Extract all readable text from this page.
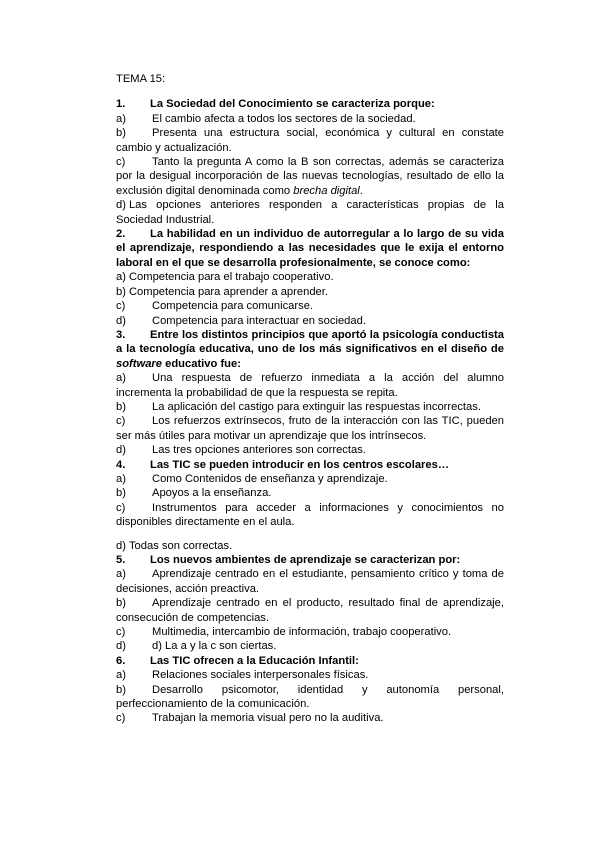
TEMA 15:
1. La Sociedad del Conocimiento se caracteriza porque:
a) El cambio afecta a todos los sectores de la sociedad.
b) Presenta una estructura social, económica y cultural en constate cambio y actualización.
c) Tanto la pregunta A como la B son correctas, además se caracteriza por la desigual incorporación de las nuevas tecnologías, resultado de ello la exclusión digital denominada como brecha digital.
d) Las opciones anteriores responden a características propias de la Sociedad Industrial.
2. La habilidad en un individuo de autorregular a lo largo de su vida el aprendizaje, respondiendo a las necesidades que le exija el entorno laboral en el que se desarrolla profesionalmente, se conoce como:
a) Competencia para el trabajo cooperativo.
b) Competencia para aprender a aprender.
c) Competencia para comunicarse.
d) Competencia para interactuar en sociedad.
3. Entre los distintos principios que aportó la psicología conductista a la tecnología educativa, uno de los más significativos en el diseño de software educativo fue:
a) Una respuesta de refuerzo inmediata a la acción del alumno incrementa la probabilidad de que la respuesta se repita.
b) La aplicación del castigo para extinguir las respuestas incorrectas.
c) Los refuerzos extrínsecos, fruto de la interacción con las TIC, pueden ser más útiles para motivar un aprendizaje que los intrínsecos.
d) Las tres opciones anteriores son correctas.
4. Las TIC se pueden introducir en los centros escolares…
a) Como Contenidos de enseñanza y aprendizaje.
b) Apoyos a la enseñanza.
c) Instrumentos para acceder a informaciones y conocimientos no disponibles directamente en el aula.
d) Todas son correctas.
5. Los nuevos ambientes de aprendizaje se caracterizan por:
a) Aprendizaje centrado en el estudiante, pensamiento crítico y toma de decisiones, acción preactiva.
b) Aprendizaje centrado en el producto, resultado final de aprendizaje, consecución de competencias.
c) Multimedia, intercambio de información, trabajo cooperativo.
d) d) La a y la c son ciertas.
6. Las TIC ofrecen a la Educación Infantil:
a) Relaciones sociales interpersonales físicas.
b) Desarrollo psicomotor, identidad y autonomía personal, perfeccionamiento de la comunicación.
c) Trabajan la memoria visual pero no la auditiva.
